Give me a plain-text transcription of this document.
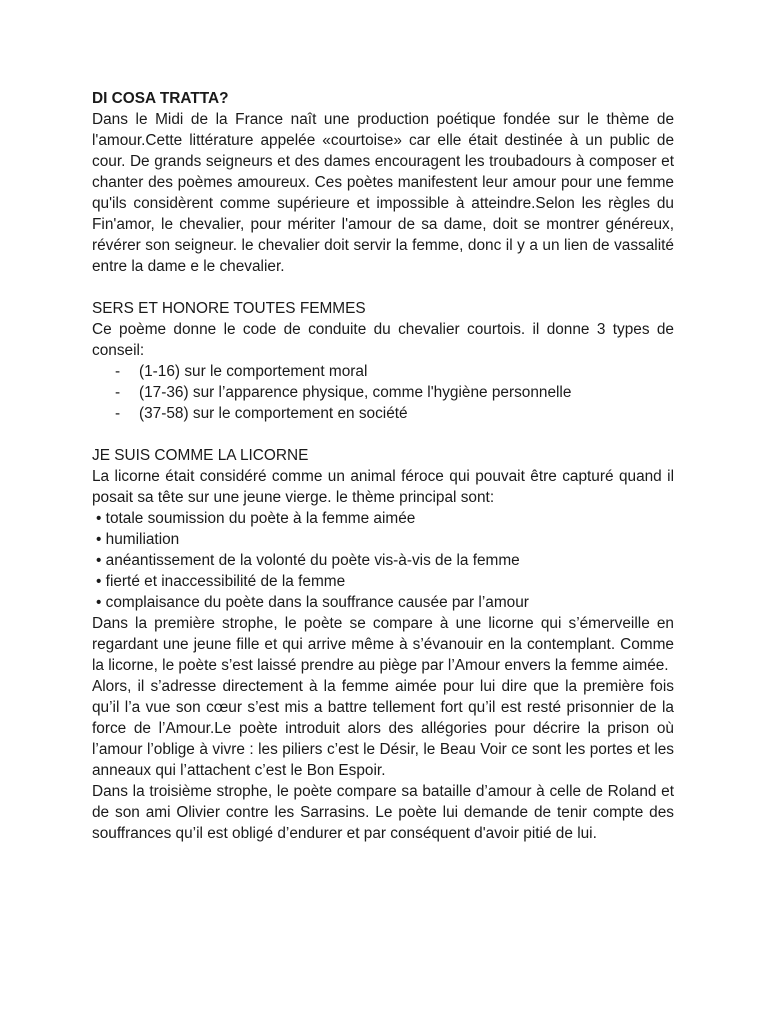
DI COSA TRATTA?

Dans le Midi de la France naît une production poétique fondée sur le thème de l'amour.Cette littérature appelée «courtoise» car elle était destinée à un public de cour. De grands seigneurs et des dames encouragent les troubadours à composer et chanter des poèmes amoureux. Ces poètes manifestent leur amour pour une femme qu'ils considèrent comme supérieure et impossible à atteindre.Selon les règles du Fin'amor, le chevalier, pour mériter l'amour de sa dame, doit se montrer généreux, révérer son seigneur. le chevalier doit servir la femme, donc il y a un lien de vassalité entre la dame e le chevalier.

SERS ET HONORE TOUTES FEMMES

Ce poème donne le code de conduite du chevalier courtois. il donne 3 types de conseil:

- (1-16) sur le comportement moral
- (17-36) sur l’apparence physique, comme l'hygiène personnelle
- (37-58) sur le comportement en société
JE SUIS COMME LA LICORNE

La licorne était considéré comme un animal féroce qui pouvait être capturé quand il posait sa tête sur une jeune vierge. le thème principal sont:

• totale soumission du poète à la femme aimée
• humiliation
• anéantissement de la volonté du poète vis-à-vis de la femme
• fierté et inaccessibilité de la femme
• complaisance du poète dans la souffrance causée par l’amour

Dans la première strophe, le poète se compare à une licorne qui s’émerveille en regardant une jeune fille et qui arrive même à s’évanouir en la contemplant. Comme la licorne, le poète s’est laissé prendre au piège par l’Amour envers la femme aimée.

Alors, il s’adresse directement à la femme aimée pour lui dire que la première fois qu’il l’a vue son cœur s’est mis a battre tellement fort qu’il est resté prisonnier de la force de l’Amour.Le poète introduit alors des allégories pour décrire la prison où l’amour l’oblige à vivre : les piliers c’est le Désir, le Beau Voir ce sont les portes et les anneaux qui l’attachent c’est le Bon Espoir.

Dans la troisième strophe, le poète compare sa bataille d’amour à celle de Roland et de son ami Olivier contre les Sarrasins. Le poète lui demande de tenir compte des souffrances qu’il est obligé d’endurer et par conséquent d'avoir pitié de lui.
